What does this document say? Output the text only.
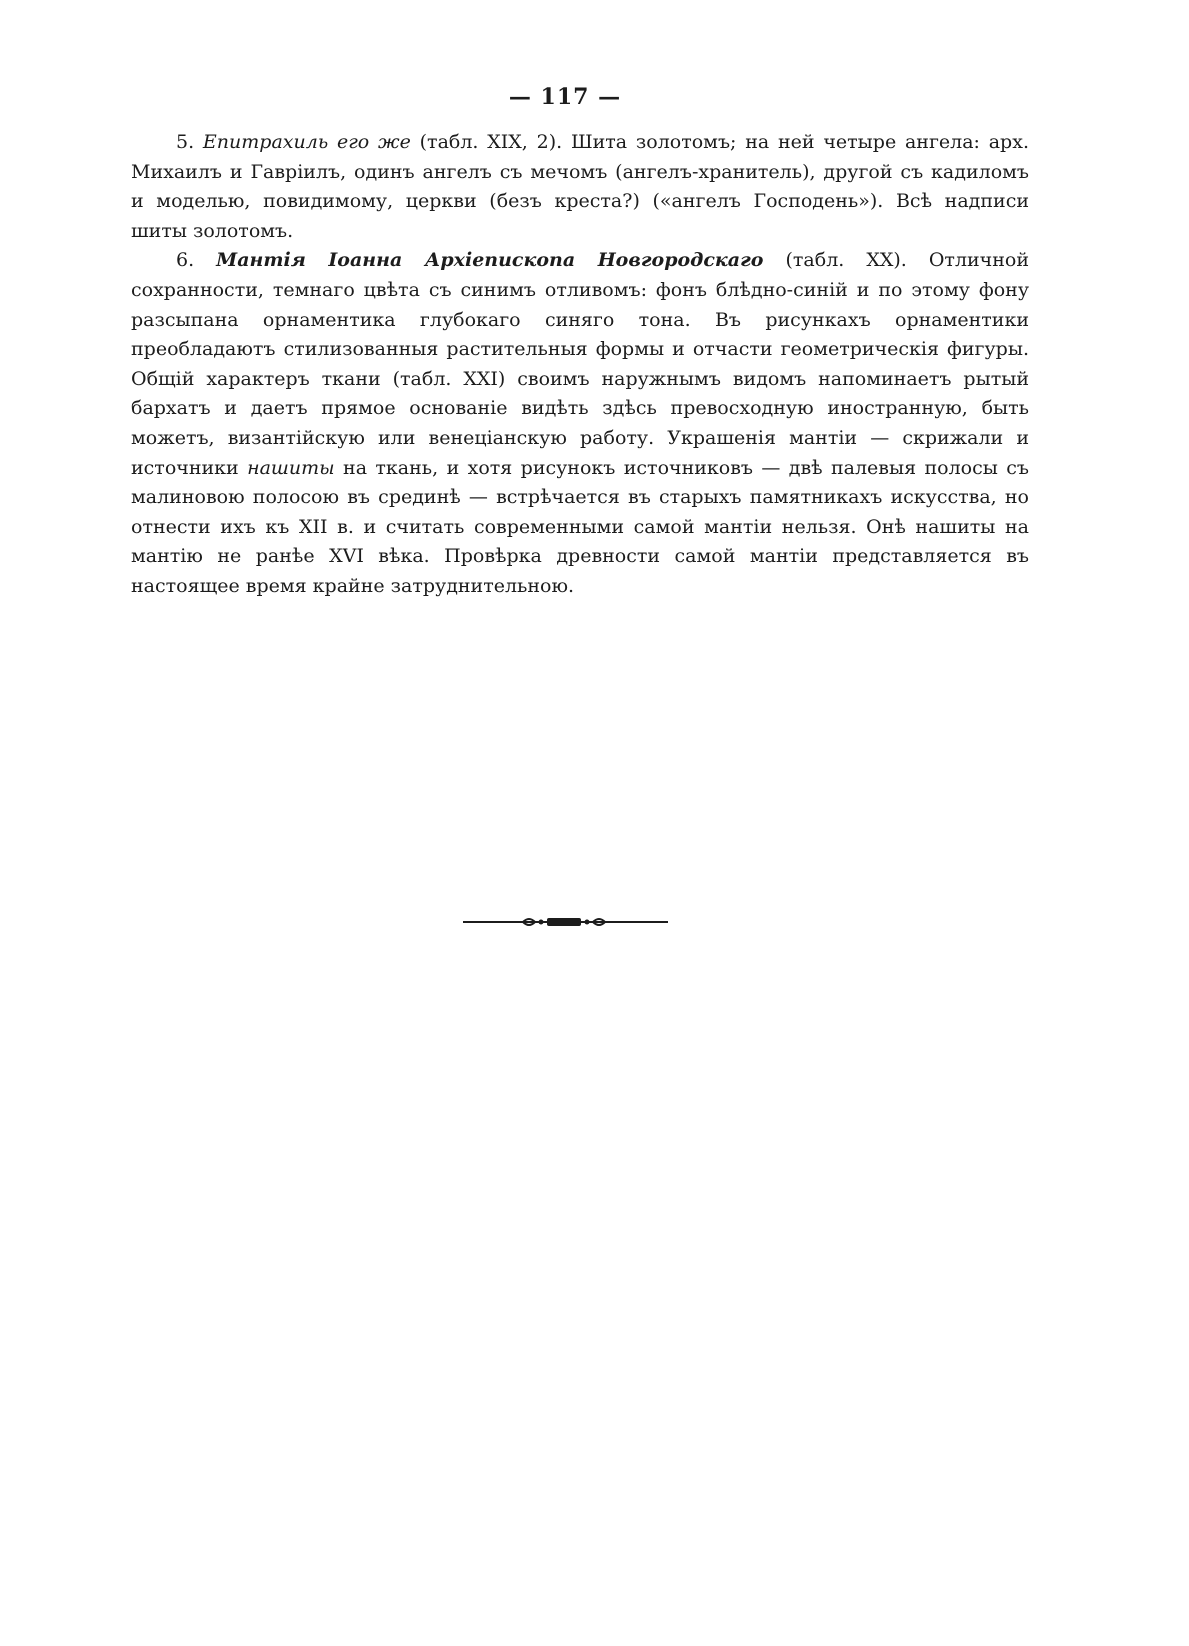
— 117 —

5. Епитрахиль его же (табл. XIX, 2). Шита золотомъ; на ней четыре ангела: арх. Михаилъ и Гавріилъ, одинъ ангелъ съ мечомъ (ангелъ-хранитель), другой съ кадиломъ и моделью, повидимому, церкви (безъ креста?) («ангелъ Господень»). Всѣ надписи шиты золотомъ.

6. Мантія Іоанна Архіепископа Новгородскаго (табл. XX). Отличной сохранности, темнаго цвѣта съ синимъ отливомъ: фонъ блѣдно-синій и по этому фону разсыпана орнаментика глубокаго синяго тона. Въ рисункахъ орнаментики преобладаютъ стилизованныя растительныя формы и отчасти геометрическія фигуры. Общій характеръ ткани (табл. XXI) своимъ наружнымъ видомъ напоминаетъ рытый бархатъ и даетъ прямое основаніе видѣть здѣсь превосходную иностранную, быть можетъ, византійскую или венеціанскую работу. Украшенія мантіи — скрижали и источники нашиты на ткань, и хотя рисунокъ источниковъ — двѣ палевыя полосы съ малиновою полосою въ срединѣ — встрѣчается въ старыхъ памятникахъ искусства, но отнести ихъ къ XII в. и считать современными самой мантіи нельзя. Онѣ нашиты на мантію не ранѣе XVI вѣка. Провѣрка древности самой мантіи представляется въ настоящее время крайне затруднительною.
